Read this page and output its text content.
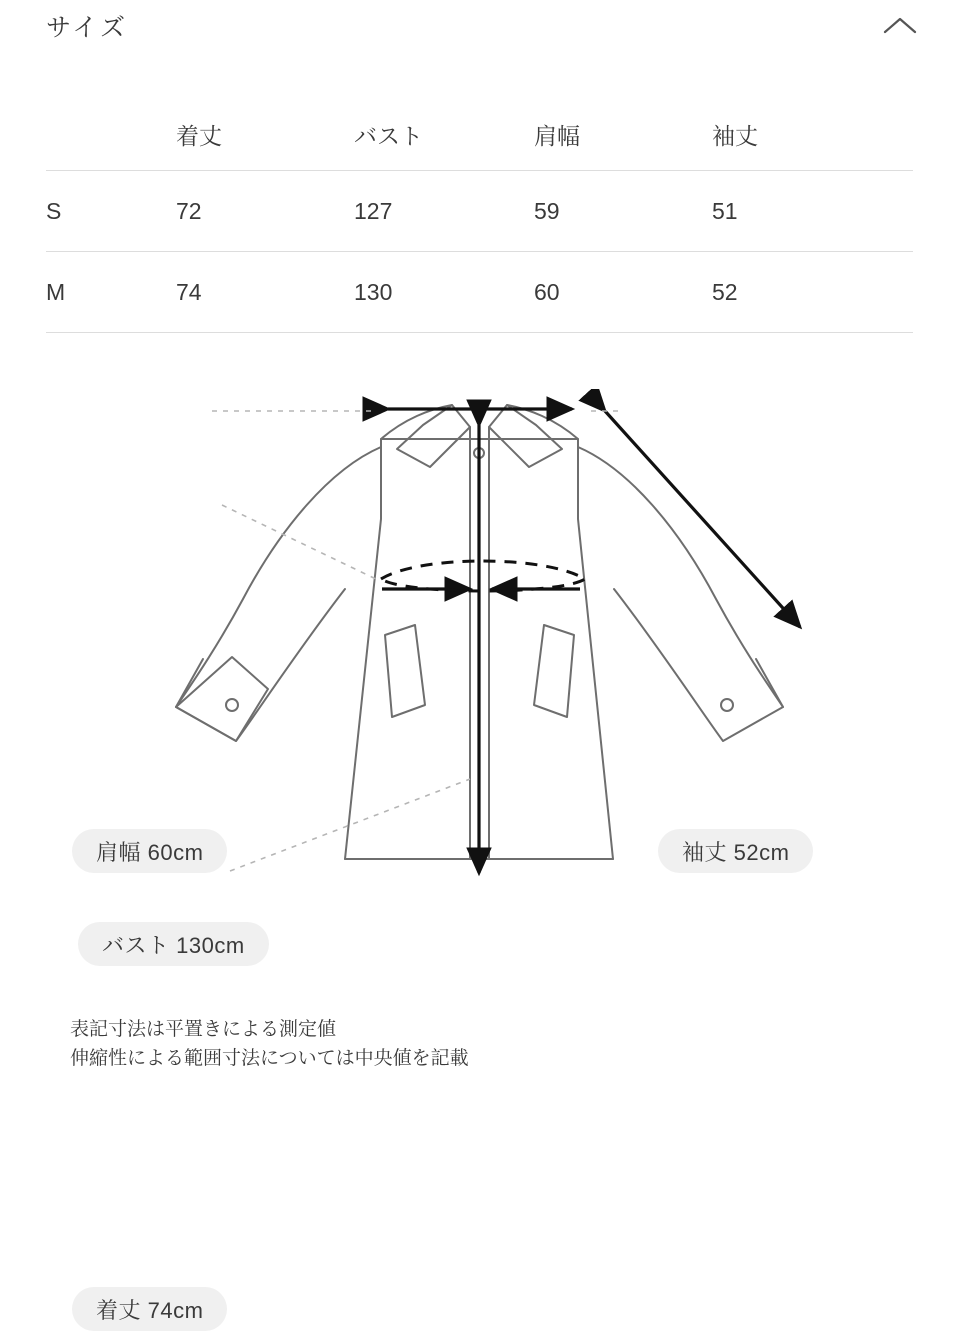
サイズ
	着丈	バスト	肩幅	袖丈
S	72	127	59	51
M	74	130	60	52
肩幅 60cm	袖丈 52cm
バスト 130cm
着丈 74cm
表記寸法は平置きによる測定値
伸縮性による範囲寸法については中央値を記載
